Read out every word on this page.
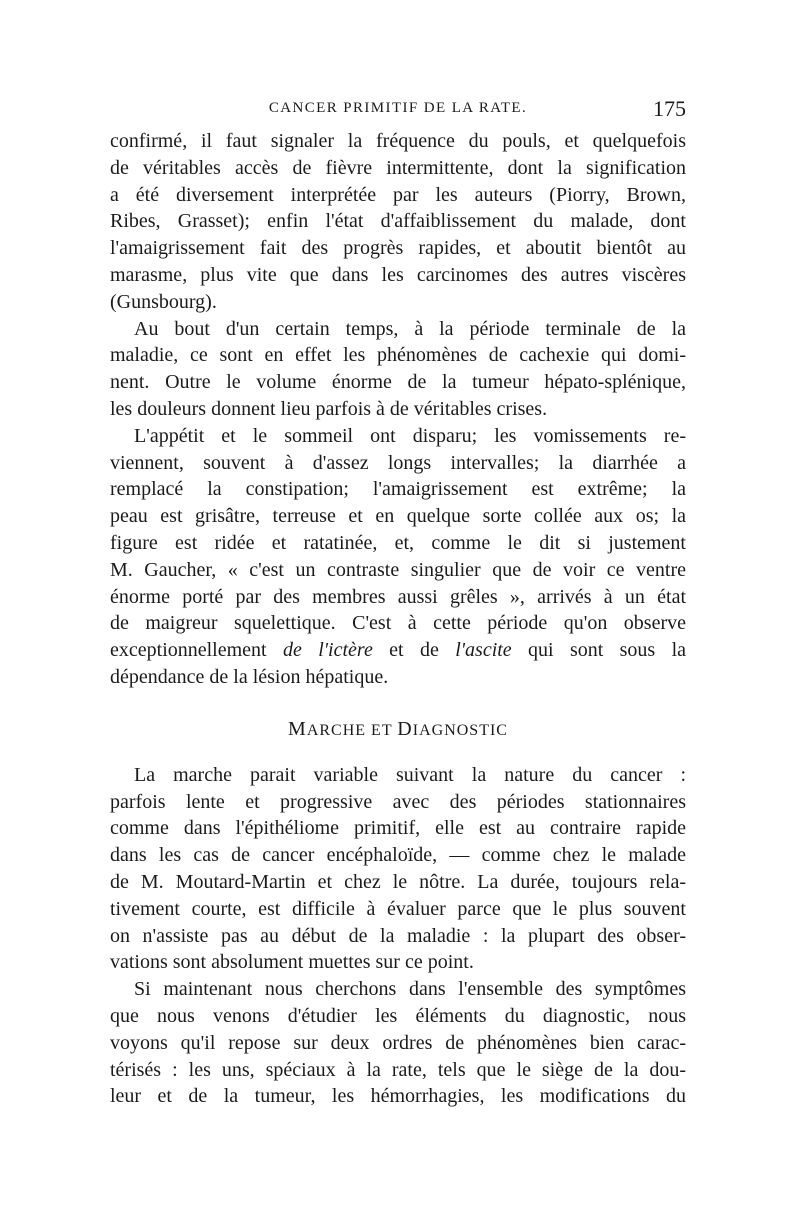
CANCER PRIMITIF DE LA RATE.	175
confirmé, il faut signaler la fréquence du pouls, et quelquefois
de véritables accès de fièvre intermittente, dont la signification
a été diversement interprétée par les auteurs (Piorry, Brown,
Ribes, Grasset); enfin l'état d'affaiblissement du malade, dont
l'amaigrissement fait des progrès rapides, et aboutit bientôt au
marasme, plus vite que dans les carcinomes des autres viscères
(Gunsbourg).
Au bout d'un certain temps, à la période terminale de la
maladie, ce sont en effet les phénomènes de cachexie qui domi-
nent. Outre le volume énorme de la tumeur hépato-splénique,
les douleurs donnent lieu parfois à de véritables crises.
L'appétit et le sommeil ont disparu; les vomissements re-
viennent, souvent à d'assez longs intervalles; la diarrhée a
remplacé la constipation; l'amaigrissement est extrême; la
peau est grisâtre, terreuse et en quelque sorte collée aux os; la
figure est ridée et ratatinée, et, comme le dit si justement
M. Gaucher, « c'est un contraste singulier que de voir ce ventre
énorme porté par des membres aussi grêles », arrivés à un état
de maigreur squelettique. C'est à cette période qu'on observe
exceptionnellement de l'ictère et de l'ascite qui sont sous la
dépendance de la lésion hépatique.
MARCHE ET DIAGNOSTIC
La marche parait variable suivant la nature du cancer :
parfois lente et progressive avec des périodes stationnaires
comme dans l'épithéliome primitif, elle est au contraire rapide
dans les cas de cancer encéphaloïde, — comme chez le malade
de M. Moutard-Martin et chez le nôtre. La durée, toujours rela-
tivement courte, est difficile à évaluer parce que le plus souvent
on n'assiste pas au début de la maladie : la plupart des obser-
vations sont absolument muettes sur ce point.
Si maintenant nous cherchons dans l'ensemble des symptômes
que nous venons d'étudier les éléments du diagnostic, nous
voyons qu'il repose sur deux ordres de phénomènes bien carac-
térisés : les uns, spéciaux à la rate, tels que le siège de la dou-
leur et de la tumeur, les hémorrhagies, les modifications du
